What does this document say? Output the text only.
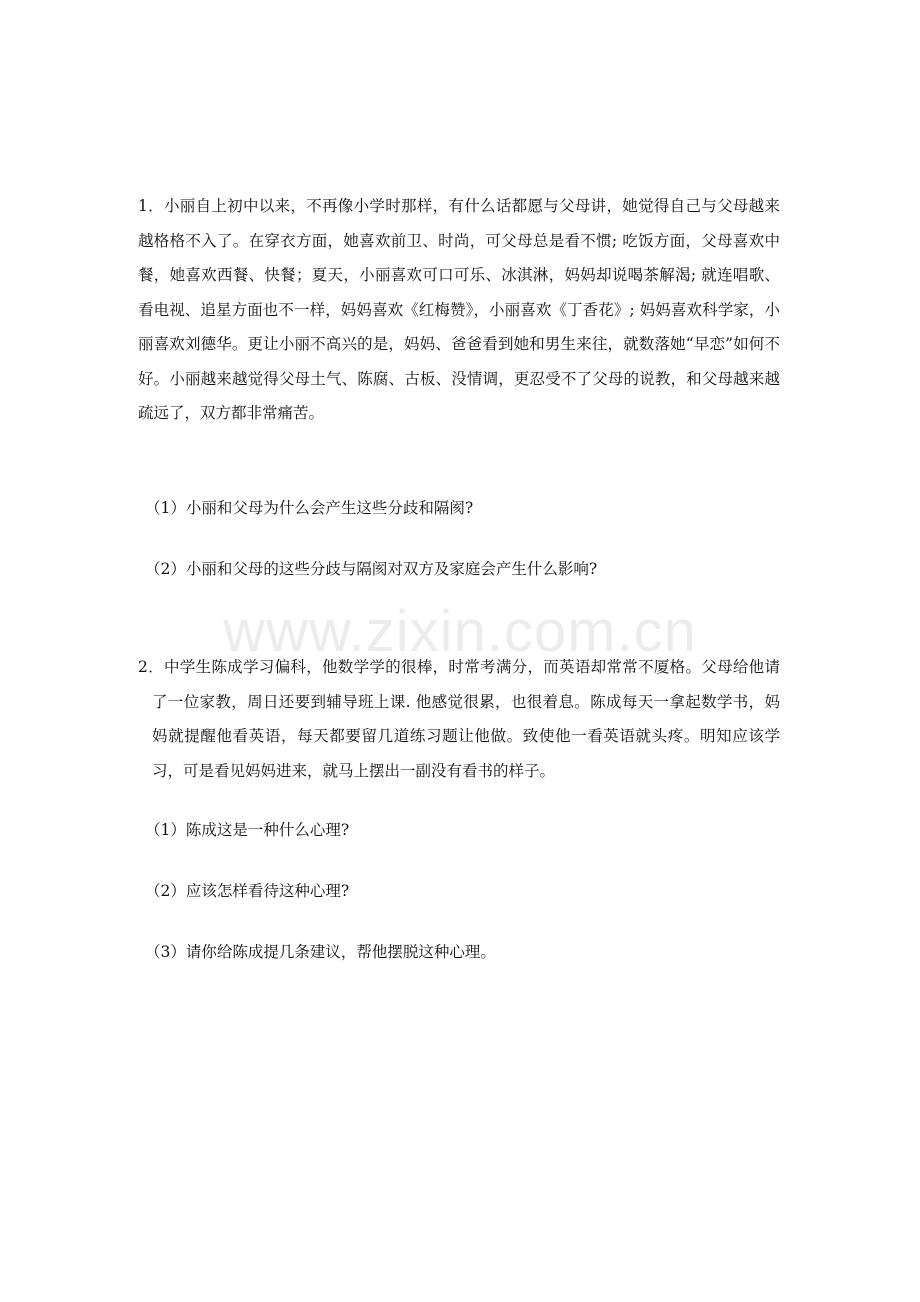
1．小丽自上初中以来，不再像小学时那样，有什么话都愿与父母讲，她觉得自己与父母越来越格格不入了。在穿衣方面，她喜欢前卫、时尚，可父母总是看不惯; 吃饭方面，父母喜欢中餐，她喜欢西餐、快餐；夏天，小丽喜欢可口可乐、冰淇淋，妈妈却说喝茶解渴; 就连唱歌、看电视、追星方面也不一样，妈妈喜欢《红梅赞》，小丽喜欢《丁香花》; 妈妈喜欢科学家，小丽喜欢刘德华。更让小丽不高兴的是，妈妈、爸爸看到她和男生来往，就数落她“早恋”如何不好。小丽越来越觉得父母土气、陈腐、古板、没情调，更忍受不了父母的说教，和父母越来越疏远了，双方都非常痛苦。

（1）小丽和父母为什么会产生这些分歧和隔阂?

（2）小丽和父母的这些分歧与隔阂对双方及家庭会产生什么影响?

www.zixin.com.cn

2．中学生陈成学习偏科，他数学学的很棒，时常考满分，而英语却常常不厦格。父母给他请了一位家教，周日还要到辅导班上课. 他感觉很累，也很着息。陈成每天一拿起数学书，妈妈就提醒他看英语，每天都要留几道练习题让他做。致使他一看英语就头疼。明知应该学习，可是看见妈妈进来，就马上摆出一副没有看书的样子。

（1）陈成这是一种什么心理?

（2）应该怎样看待这种心理?

（3）请你给陈成提几条建议，帮他摆脱这种心理。
